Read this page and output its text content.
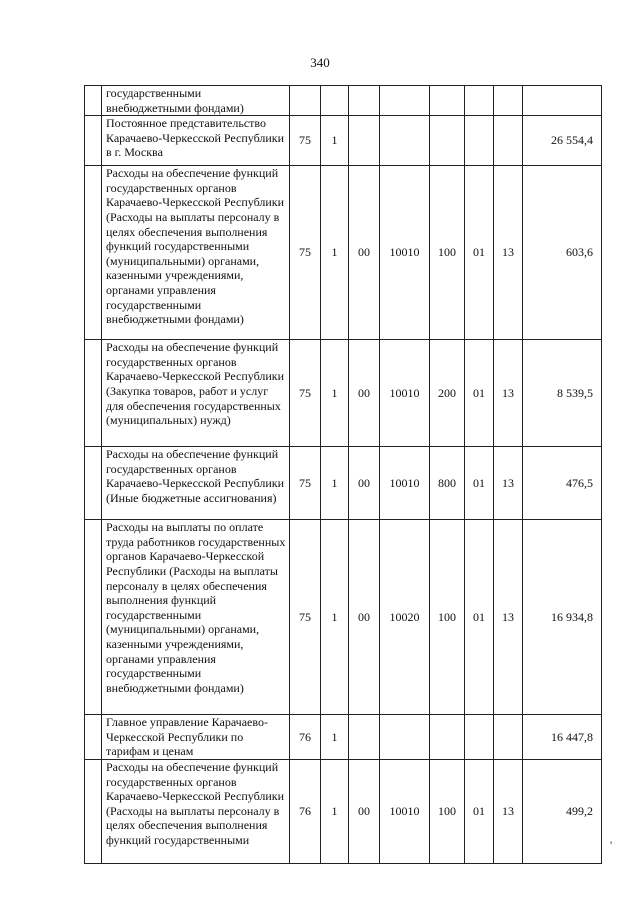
340
	государственными внебюджетными фондами)								
	Постоянное представительство Карачаево-Черкесской Республики в г. Москва	75	1						26 554,4
	Расходы на обеспечение функций государственных органов Карачаево-Черкесской Республики (Расходы на выплаты персоналу в целях обеспечения выполнения функций государственными (муниципальными) органами, казенными учреждениями, органами управления государственными внебюджетными фондами)	75	1	00	10010	100	01	13	603,6
	Расходы на обеспечение функций государственных органов Карачаево-Черкесской Республики (Закупка товаров, работ и услуг для обеспечения государственных (муниципальных) нужд)	75	1	00	10010	200	01	13	8 539,5
	Расходы на обеспечение функций государственных органов Карачаево-Черкесской Республики (Иные бюджетные ассигнования)	75	1	00	10010	800	01	13	476,5
	Расходы на выплаты по оплате труда работников государственных органов Карачаево-Черкесской Республики (Расходы на выплаты персоналу в целях обеспечения выполнения функций государственными (муниципальными) органами, казенными учреждениями, органами управления государственными внебюджетными фондами)	75	1	00	10020	100	01	13	16 934,8
	Главное управление Карачаево-Черкесской Республики по тарифам и ценам	76	1						16 447,8
	Расходы на обеспечение функций государственных органов Карачаево-Черкесской Республики (Расходы на выплаты персоналу в целях обеспечения выполнения функций государственными	76	1	00	10010	100	01	13	499,2
'
